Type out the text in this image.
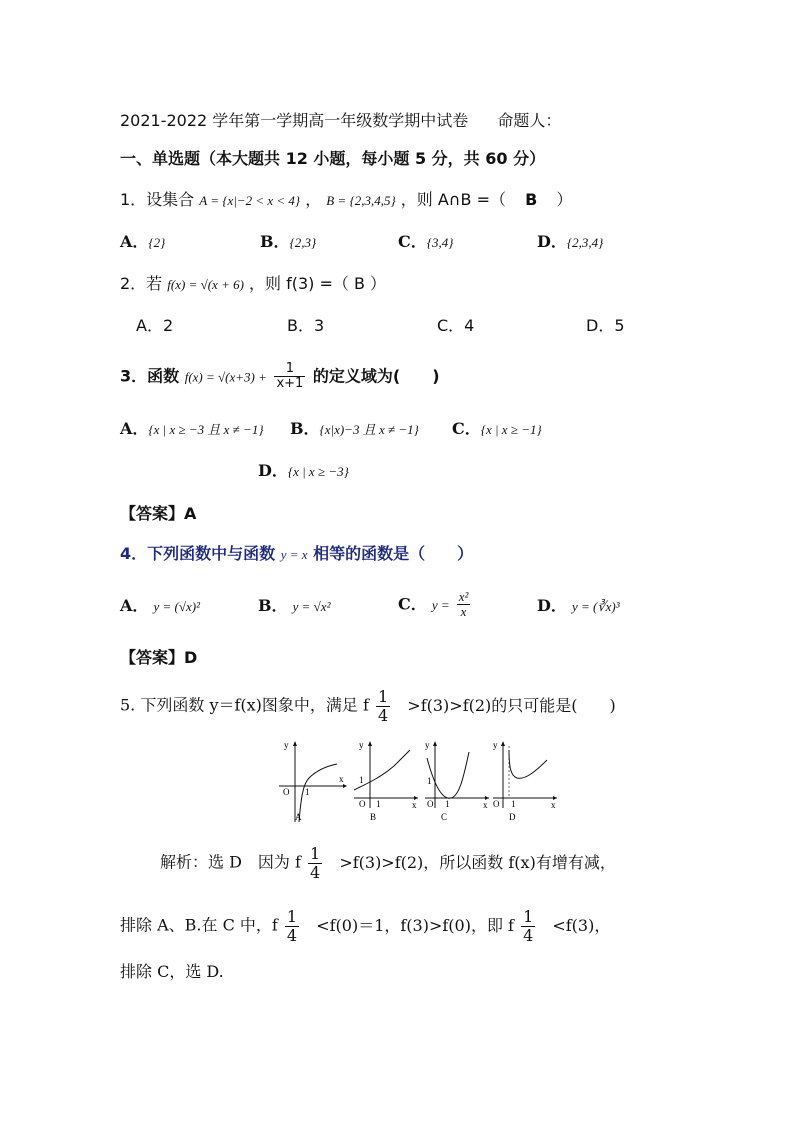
2021-2022 学年第一学期高一年级数学期中试卷 命题人：
一、单选题（本大题共 12 小题，每小题 5 分，共 60 分）
1．设集合 A = {x|−2 < x < 4} ， B = {2,3,4,5} ，则 A∩B =（ B ）
A．{2}	B．{2,3}	C．{3,4}	D．{2,3,4}
2．若 f(x) = √(x + 6) ，则 f(3) =（ B ）
A．2	B．3	C．4	D．5
3．函数 $f(x) = √(x+3) + \frac{1}{x+1}$ 的定义域为(　　)
A．{x | x ≥ −3 且 x ≠ −1} B．{x|x)−3 且 x ≠ −1} C．{x | x ≥ −1}
D．{x | x ≥ −3}
【答案】A
4．下列函数中与函数 y = x 相等的函数是（　　）
A． y = (√x)²	B． y = √x²	C． $y = \frac{\text{x²}}{x}$	D． y = (∛x)³
【答案】D
5. 下列函数 y＝f(x)图象中，满足 f $\frac{1}{4} >f(3)>f(2)$的只可能是(　　)
y
x
O 1
A
y
x
1
O 1
B
y
x
1
O 1
C
y
x
O 1
D
解析：选 D　因为 f $\frac{1}{4} >f(3)>f(2)$，所以函数 f(x)有增有减，
排除 A、B.在 C 中，f $\frac{1}{4} <f(0)=1$，f(3)>f(0)，即 f $\frac{1}{4} <f(3)$，
排除 C，选 D.
